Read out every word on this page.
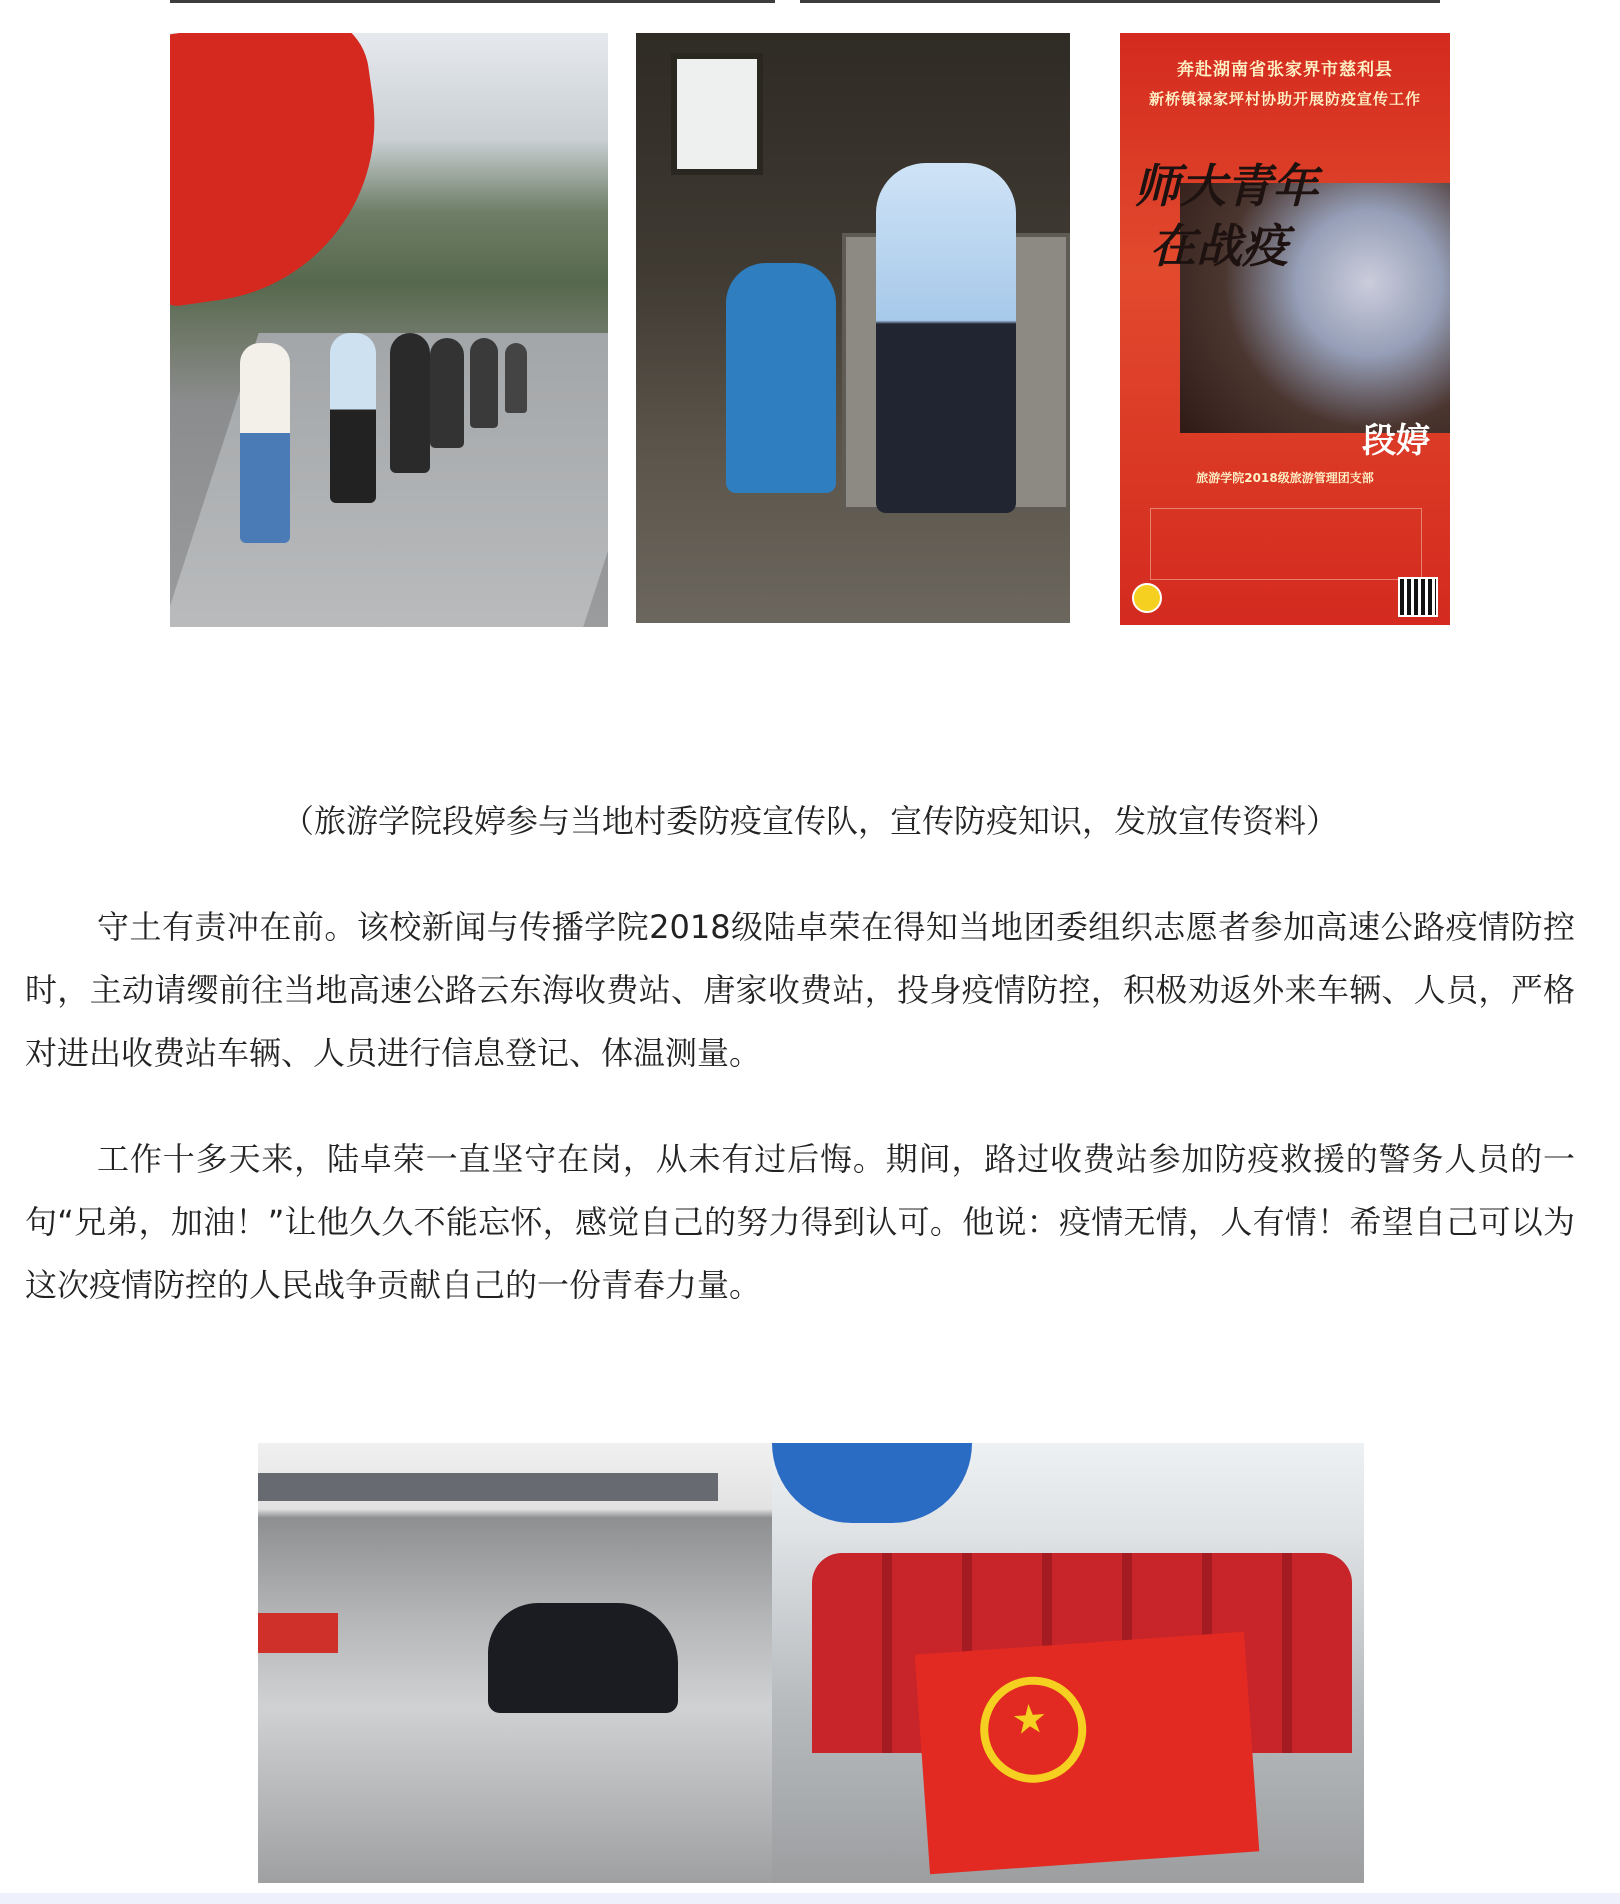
奔赴湖南省张家界市慈利县
新桥镇禄家坪村协助开展防疫宣传工作
师大青年
在战疫
段婷
旅游学院2018级旅游管理团支部
（旅游学院段婷参与当地村委防疫宣传队，宣传防疫知识，发放宣传资料）

守土有责冲在前。该校新闻与传播学院2018级陆卓荣在得知当地团委组织志愿者参加高速公路疫情防控时，主动请缨前往当地高速公路云东海收费站、唐家收费站，投身疫情防控，积极劝返外来车辆、人员，严格对进出收费站车辆、人员进行信息登记、体温测量。

工作十多天来，陆卓荣一直坚守在岗，从未有过后悔。期间，路过收费站参加防疫救援的警务人员的一句“兄弟，加油！”让他久久不能忘怀，感觉自己的努力得到认可。他说：疫情无情，人有情！希望自己可以为这次疫情防控的人民战争贡献自己的一份青春力量。

★
